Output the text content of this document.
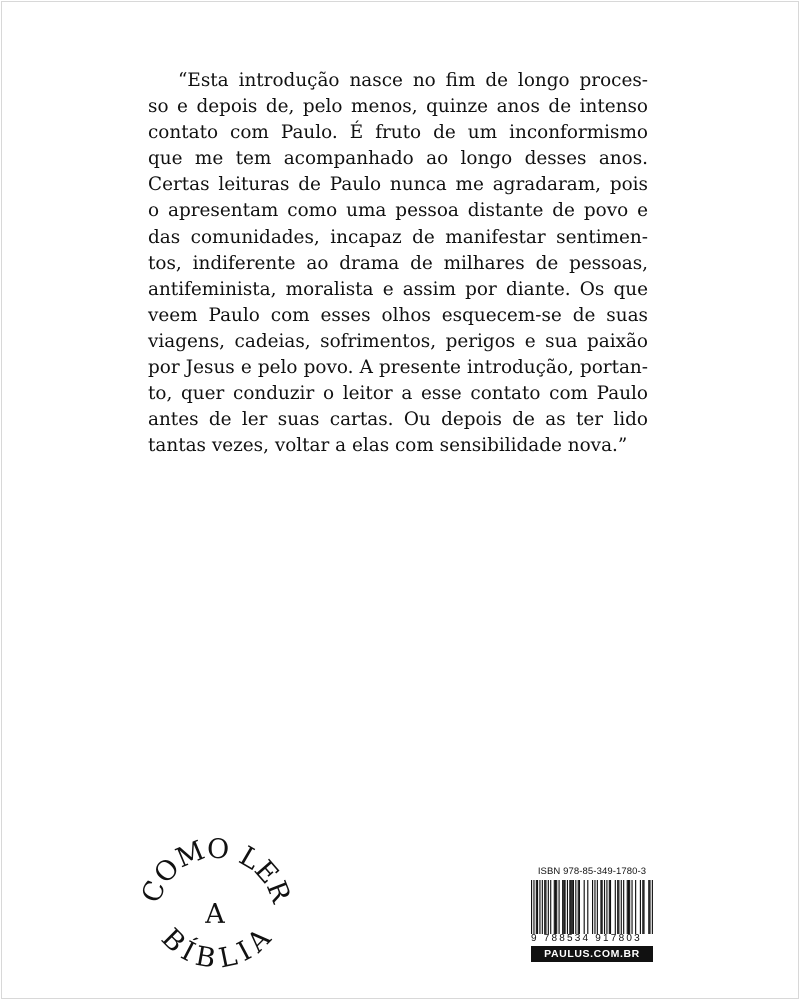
“Esta introdução nasce no fim de longo proces-
so e depois de, pelo menos, quinze anos de intenso
contato com Paulo. É fruto de um inconformismo
que me tem acompanhado ao longo desses anos.
Certas leituras de Paulo nunca me agradaram, pois
o apresentam como uma pessoa distante de povo e
das comunidades, incapaz de manifestar sentimen-
tos, indiferente ao drama de milhares de pessoas,
antifeminista, moralista e assim por diante. Os que
veem Paulo com esses olhos esquecem-se de suas
viagens, cadeias, sofrimentos, perigos e sua paixão
por Jesus e pelo povo. A presente introdução, portan-
to, quer conduzir o leitor a esse contato com Paulo
antes de ler suas cartas. Ou depois de as ter lido
tantas vezes, voltar a elas com sensibilidade nova.”
COMO LER
A
BÍBLIA
ISBN 978-85-349-1780-3
9 788534 917803
PAULUS.COM.BR
